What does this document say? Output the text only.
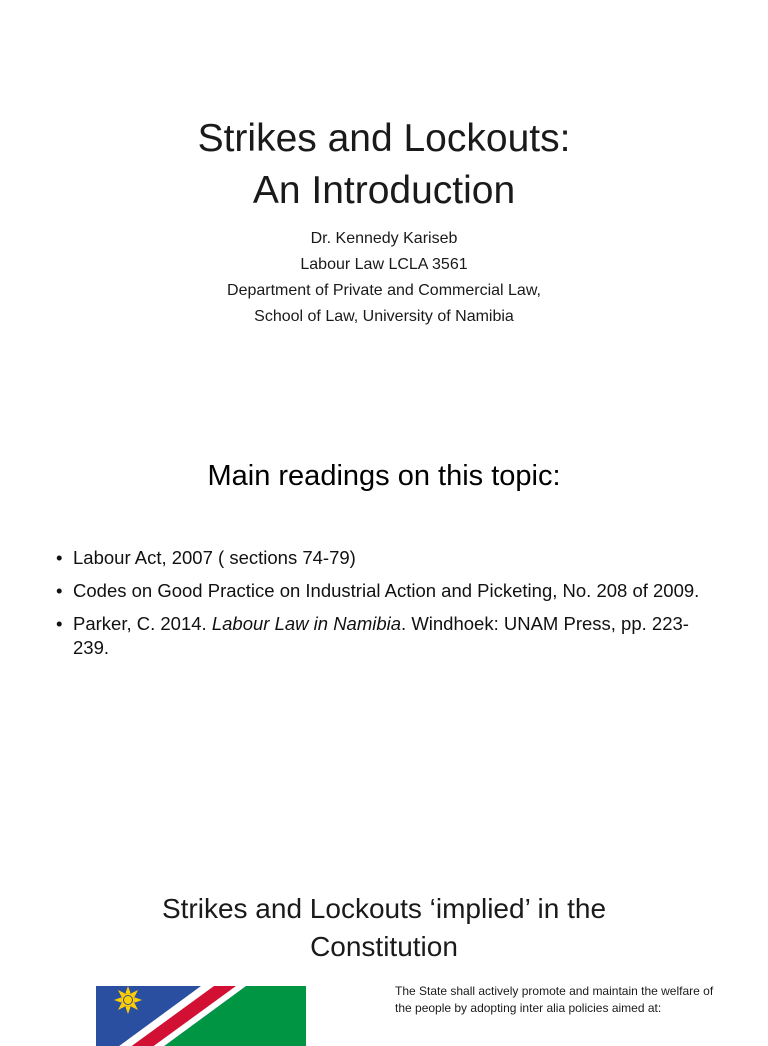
Strikes and Lockouts:
An Introduction
Dr. Kennedy Kariseb
Labour Law LCLA 3561
Department of Private and Commercial Law,
School of Law, University of Namibia
Main readings on this topic:
• Labour Act, 2007 ( sections 74-79)
• Codes on Good Practice on Industrial Action and Picketing, No. 208 of 2009.
• Parker, C. 2014. Labour Law in Namibia. Windhoek: UNAM Press, pp. 223-239.
Strikes and Lockouts ‘implied’ in the
Constitution
The State shall actively promote and maintain the welfare of the people by adopting inter alia policies aimed at:
